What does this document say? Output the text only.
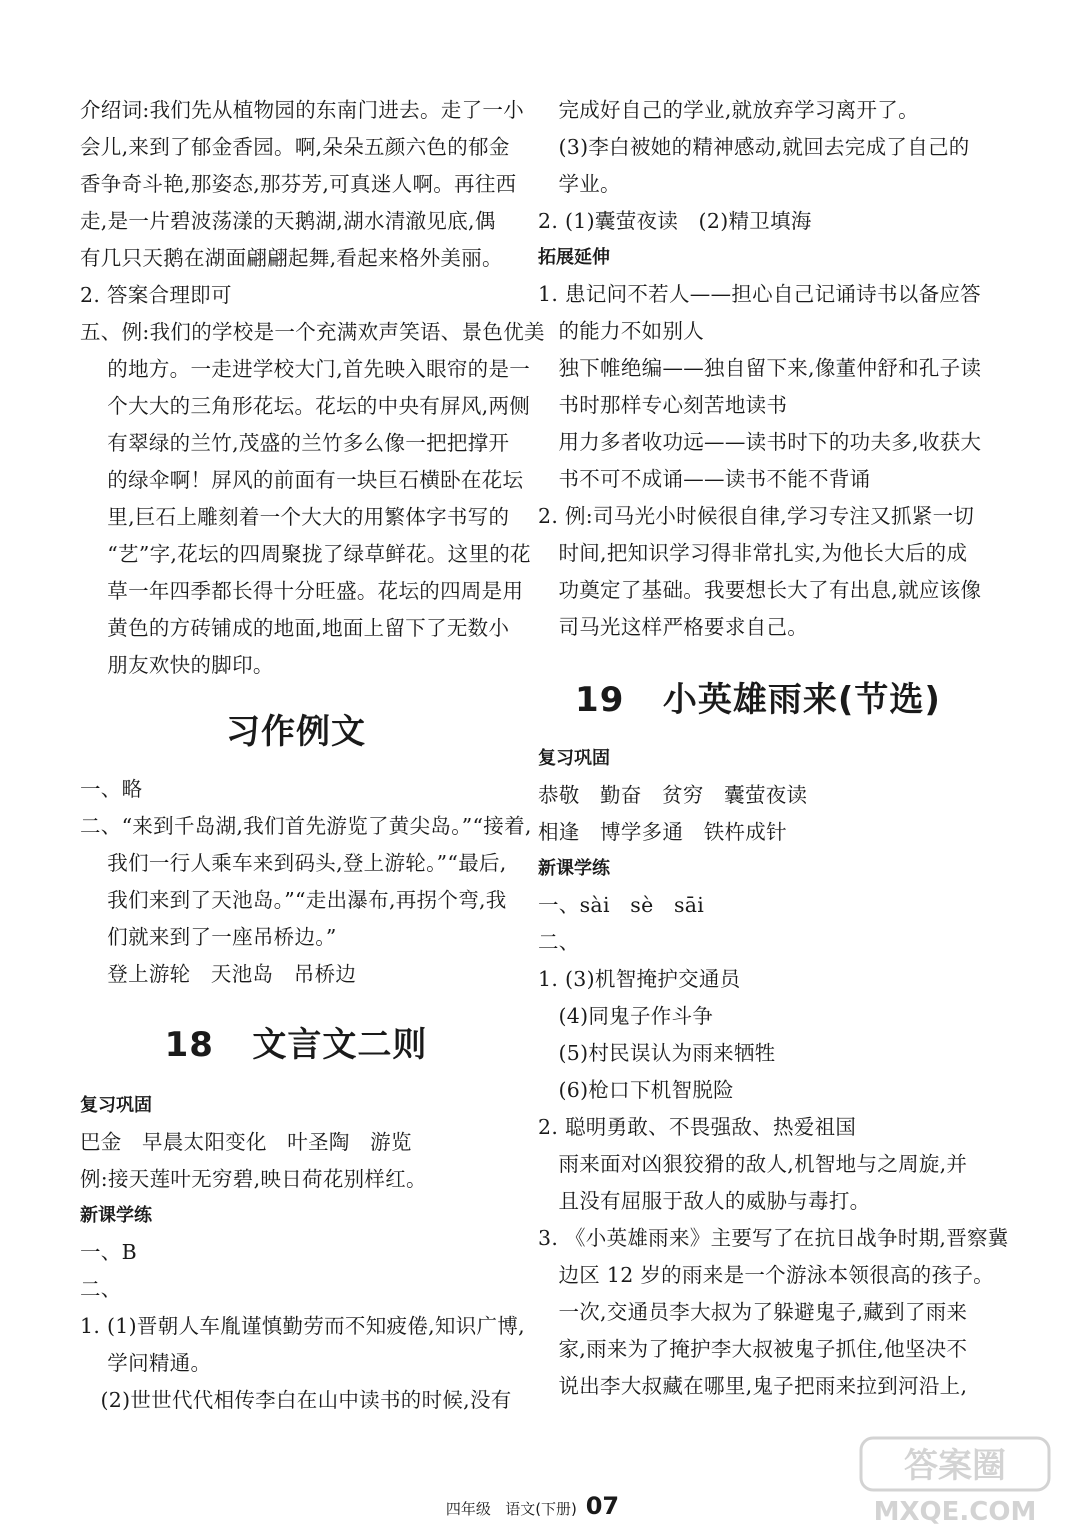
介绍词:我们先从植物园的东南门进去。走了一小

会儿,来到了郁金香园。啊,朵朵五颜六色的郁金

香争奇斗艳,那姿态,那芬芳,可真迷人啊。再往西

走,是一片碧波荡漾的天鹅湖,湖水清澈见底,偶

有几只天鹅在湖面翩翩起舞,看起来格外美丽。

2. 答案合理即可

五、例:我们的学校是一个充满欢声笑语、景色优美

的地方。一走进学校大门,首先映入眼帘的是一

个大大的三角形花坛。花坛的中央有屏风,两侧

有翠绿的兰竹,茂盛的兰竹多么像一把把撑开

的绿伞啊！屏风的前面有一块巨石横卧在花坛

里,巨石上雕刻着一个大大的用繁体字书写的

“艺”字,花坛的四周聚拢了绿草鲜花。这里的花

草一年四季都长得十分旺盛。花坛的四周是用

黄色的方砖铺成的地面,地面上留下了无数小

朋友欢快的脚印。

习作例文

一、略

二、“来到千岛湖,我们首先游览了黄尖岛。”“接着,

我们一行人乘车来到码头,登上游轮。”“最后,

我们来到了天池岛。”“走出瀑布,再拐个弯,我

们就来到了一座吊桥边。”

登上游轮   天池岛   吊桥边

18   文言文二则

复习巩固

巴金   早晨太阳变化   叶圣陶   游览

例:接天莲叶无穷碧,映日荷花别样红。

新课学练

一、B

二、

1. (1)晋朝人车胤谨慎勤劳而不知疲倦,知识广博,

学问精通。

(2)世世代代相传李白在山中读书的时候,没有

完成好自己的学业,就放弃学习离开了。

(3)李白被她的精神感动,就回去完成了自己的

学业。

2. (1)囊萤夜读   (2)精卫填海

拓展延伸

1. 患记问不若人——担心自己记诵诗书以备应答

的能力不如别人

独下帷绝编——独自留下来,像董仲舒和孔子读

书时那样专心刻苦地读书

用力多者收功远——读书时下的功夫多,收获大

书不可不成诵——读书不能不背诵

2. 例:司马光小时候很自律,学习专注又抓紧一切

时间,把知识学习得非常扎实,为他长大后的成

功奠定了基础。我要想长大了有出息,就应该像

司马光这样严格要求自己。

19   小英雄雨来(节选)

复习巩固

恭敬   勤奋   贫穷   囊萤夜读

相逢   博学多通   铁杵成针

新课学练

一、sài   sè   sāi

二、

1. (3)机智掩护交通员

(4)同鬼子作斗争

(5)村民误认为雨来牺牲

(6)枪口下机智脱险

2. 聪明勇敢、不畏强敌、热爱祖国

雨来面对凶狠狡猾的敌人,机智地与之周旋,并

且没有屈服于敌人的威胁与毒打。

3. 《小英雄雨来》主要写了在抗日战争时期,晋察冀

边区 12 岁的雨来是一个游泳本领很高的孩子。

一次,交通员李大叔为了躲避鬼子,藏到了雨来

家,雨来为了掩护李大叔被鬼子抓住,他坚决不

说出李大叔藏在哪里,鬼子把雨来拉到河沿上,

四年级 语文(下册) 07
答案圈
MXQE.COM
